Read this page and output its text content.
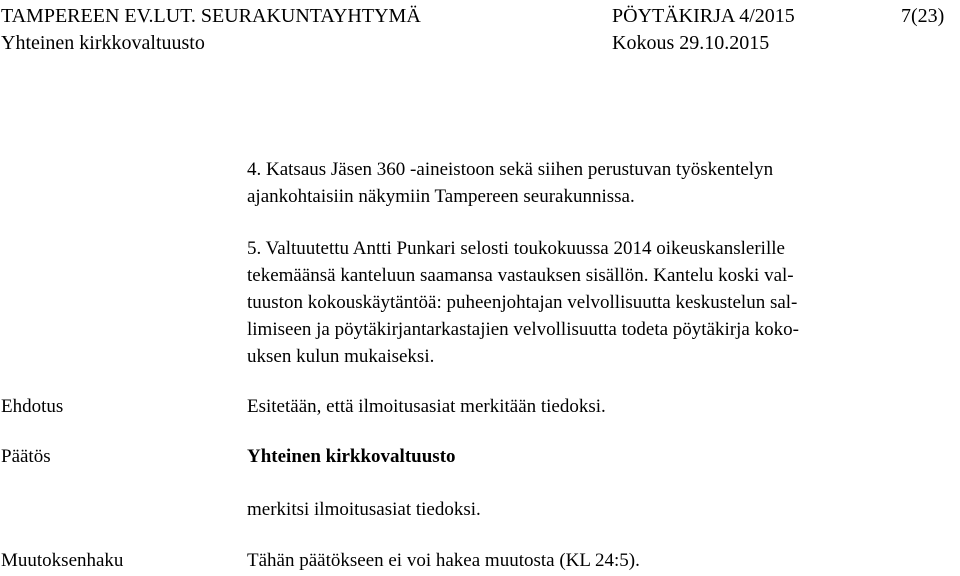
TAMPEREEN EV.LUT. SEURAKUNTAYHTYMÄ	PÖYTÄKIRJA 4/2015	7(23)
Yhteinen kirkkovaltuusto	Kokous 29.10.2015
4. Katsaus Jäsen 360 -aineistoon sekä siihen perustuvan työskentelyn
ajankohtaisiin näkymiin Tampereen seurakunnissa.
5. Valtuutettu Antti Punkari selosti toukokuussa 2014 oikeuskanslerille
tekemäänsä kanteluun saamansa vastauksen sisällön. Kantelu koski val-
tuuston kokouskäytäntöä: puheenjohtajan velvollisuutta keskustelun sal-
limiseen ja pöytäkirjantarkastajien velvollisuutta todeta pöytäkirja koko-
uksen kulun mukaiseksi.
Ehdotus	Esitetään, että ilmoitusasiat merkitään tiedoksi.
Päätös	Yhteinen kirkkovaltuusto
merkitsi ilmoitusasiat tiedoksi.
Muutoksenhaku	Tähän päätökseen ei voi hakea muutosta (KL 24:5).
